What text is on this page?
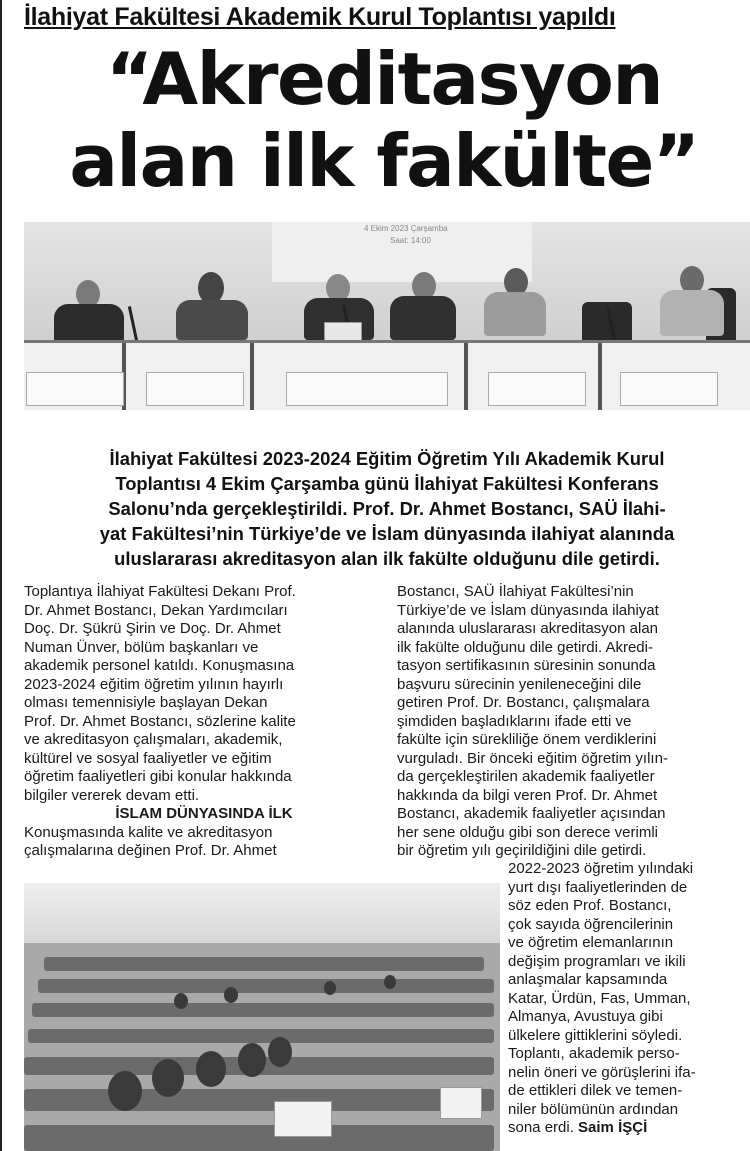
İlahiyat Fakültesi Akademik Kurul Toplantısı yapıldı
“Akreditasyon
alan ilk fakülte”
4 Ekim 2023 Çarşamba
Saat: 14:00
İlahiyat Fakültesi 2023-2024 Eğitim Öğretim Yılı Akademik Kurul
Toplantısı 4 Ekim Çarşamba günü İlahiyat Fakültesi Konferans
Salonu’nda gerçekleştirildi. Prof. Dr. Ahmet Bostancı, SAÜ İlahi-
yat Fakültesi’nin Türkiye’de ve İslam dünyasında ilahiyat alanında
uluslararası akreditasyon alan ilk fakülte olduğunu dile getirdi.
Toplantıya İlahiyat Fakültesi Dekanı Prof.
Dr. Ahmet Bostancı, Dekan Yardımcıları
Doç. Dr. Şükrü Şirin ve Doç. Dr. Ahmet
Numan Ünver, bölüm başkanları ve
akademik personel katıldı. Konuşmasına
2023-2024 eğitim öğretim yılının hayırlı
olması temennisiyle başlayan Dekan
Prof. Dr. Ahmet Bostancı, sözlerine kalite
ve akreditasyon çalışmaları, akademik,
kültürel ve sosyal faaliyetler ve eğitim
öğretim faaliyetleri gibi konular hakkında
bilgiler vererek devam etti.
İSLAM DÜNYASINDA İLK
Konuşmasında kalite ve akreditasyon
çalışmalarına değinen Prof. Dr. Ahmet
Bostancı, SAÜ İlahiyat Fakültesi’nin
Türkiye’de ve İslam dünyasında ilahiyat
alanında uluslararası akreditasyon alan
ilk fakülte olduğunu dile getirdi. Akredi-
tasyon sertifikasının süresinin sonunda
başvuru sürecinin yenileneceğini dile
getiren Prof. Dr. Bostancı, çalışmalara
şimdiden başladıklarını ifade etti ve
fakülte için sürekliliğe önem verdiklerini
vurguladı. Bir önceki eğitim öğretim yılın-
da gerçekleştirilen akademik faaliyetler
hakkında da bilgi veren Prof. Dr. Ahmet
Bostancı, akademik faaliyetler açısından
her sene olduğu gibi son derece verimli
bir öğretim yılı geçirildiğini dile getirdi.
2022-2023 öğretim yılındaki
yurt dışı faaliyetlerinden de
söz eden Prof. Bostancı,
çok sayıda öğrencilerinin
ve öğretim elemanlarının
değişim programları ve ikili
anlaşmalar kapsamında
Katar, Ürdün, Fas, Umman,
Almanya, Avustuya gibi
ülkelere gittiklerini söyledi.
Toplantı, akademik perso-
nelin öneri ve görüşlerini ifa-
de ettikleri dilek ve temen-
niler bölümünün ardından
sona erdi. Saim İŞÇİ
